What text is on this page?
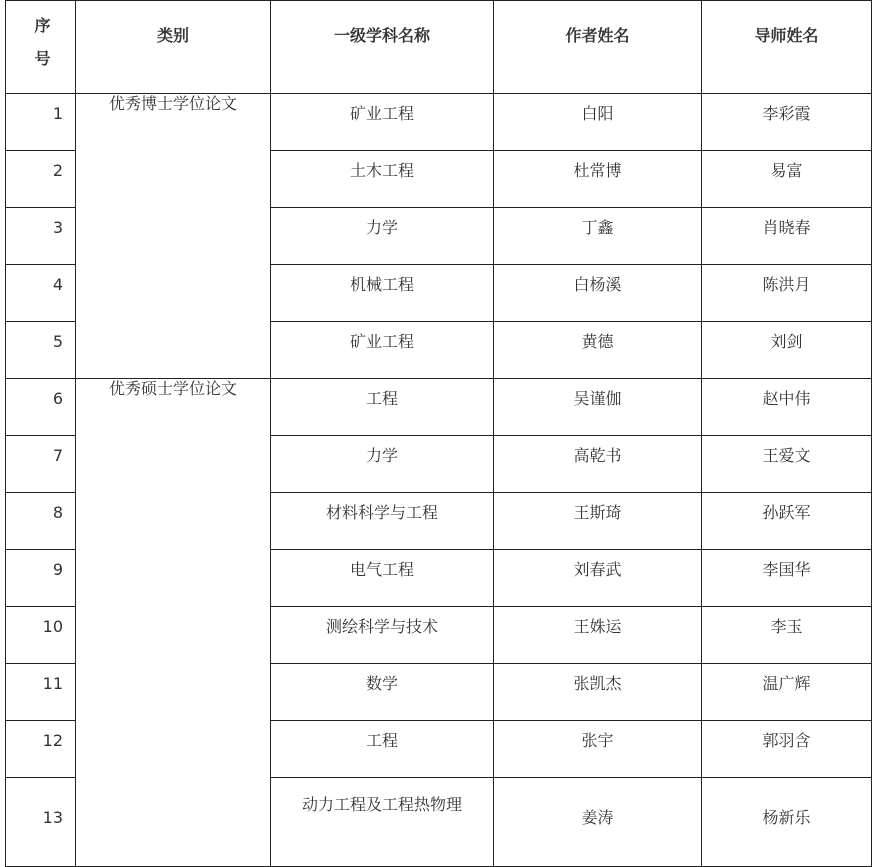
序号	类别	一级学科名称	作者姓名	导师姓名

1	优秀博士学位论文	矿业工程	白阳	李彩霞

2		土木工程	杜常博	易富

3		力学	丁鑫	肖晓春

4		机械工程	白杨溪	陈洪月

5		矿业工程	黄德	刘剑

6	优秀硕士学位论文	工程	吴谨伽	赵中伟

7		力学	高乾书	王爱文

8		材料科学与工程	王斯琦	孙跃军

9		电气工程	刘春武	李国华

10		测绘科学与技术	王姝运	李玉

11		数学	张凯杰	温广辉

12		工程	张宇	郭羽含

13		动力工程及工程热物理	姜涛	杨新乐
